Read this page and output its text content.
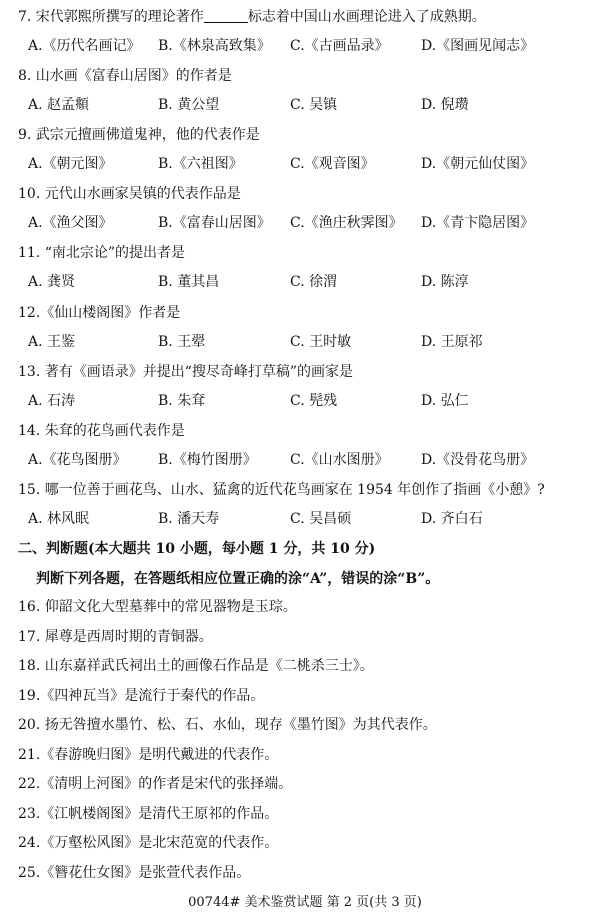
7. 宋代郭熙所撰写的理论著作	标志着中国山水画理论进入了成熟期。
A.《历代名画记》 B.《林泉高致集》 C.《古画品录》 D.《图画见闻志》
8. 山水画《富春山居图》的作者是
A. 赵孟頫	B. 黄公望	C. 吴镇	D. 倪瓒
9. 武宗元擅画佛道鬼神，他的代表作是
A.《朝元图》	B.《六祖图》	C.《观音图》	D.《朝元仙仗图》
10. 元代山水画家吴镇的代表作品是
A.《渔父图》	B.《富春山居图》 C.《渔庄秋霁图》 D.《青卞隐居图》
11. “南北宗论”的提出者是
A. 龚贤	B. 董其昌	C. 徐渭	D. 陈淳
12.《仙山楼阁图》作者是
A. 王鉴	B. 王翚	C. 王时敏	D. 王原祁
13. 著有《画语录》并提出“搜尽奇峰打草稿”的画家是
A. 石涛	B. 朱耷	C. 髡残	D. 弘仁
14. 朱耷的花鸟画代表作是
A.《花鸟图册》 B.《梅竹图册》 C.《山水图册》 D.《没骨花鸟册》
15. 哪一位善于画花鸟、山水、猛禽的近代花鸟画家在 1954 年创作了指画《小憩》?
A. 林风眠	B. 潘天寿	C. 吴昌硕	D. 齐白石
二、判断题(本大题共 10 小题，每小题 1 分，共 10 分)
判断下列各题，在答题纸相应位置正确的涂“A”，错误的涂“B”。
16. 仰韶文化大型墓葬中的常见器物是玉琮。
17. 犀尊是西周时期的青铜器。
18. 山东嘉祥武氏祠出土的画像石作品是《二桃杀三士》。
19.《四神瓦当》是流行于秦代的作品。
20. 扬无咎擅水墨竹、松、石、水仙，现存《墨竹图》为其代表作。
21.《春游晚归图》是明代戴进的代表作。
22.《清明上河图》的作者是宋代的张择端。
23.《江帆楼阁图》是清代王原祁的作品。
24.《万壑松风图》是北宋范宽的代表作。
25.《簪花仕女图》是张萱代表作品。
00744# 美术鉴赏试题 第 2 页(共 3 页)
